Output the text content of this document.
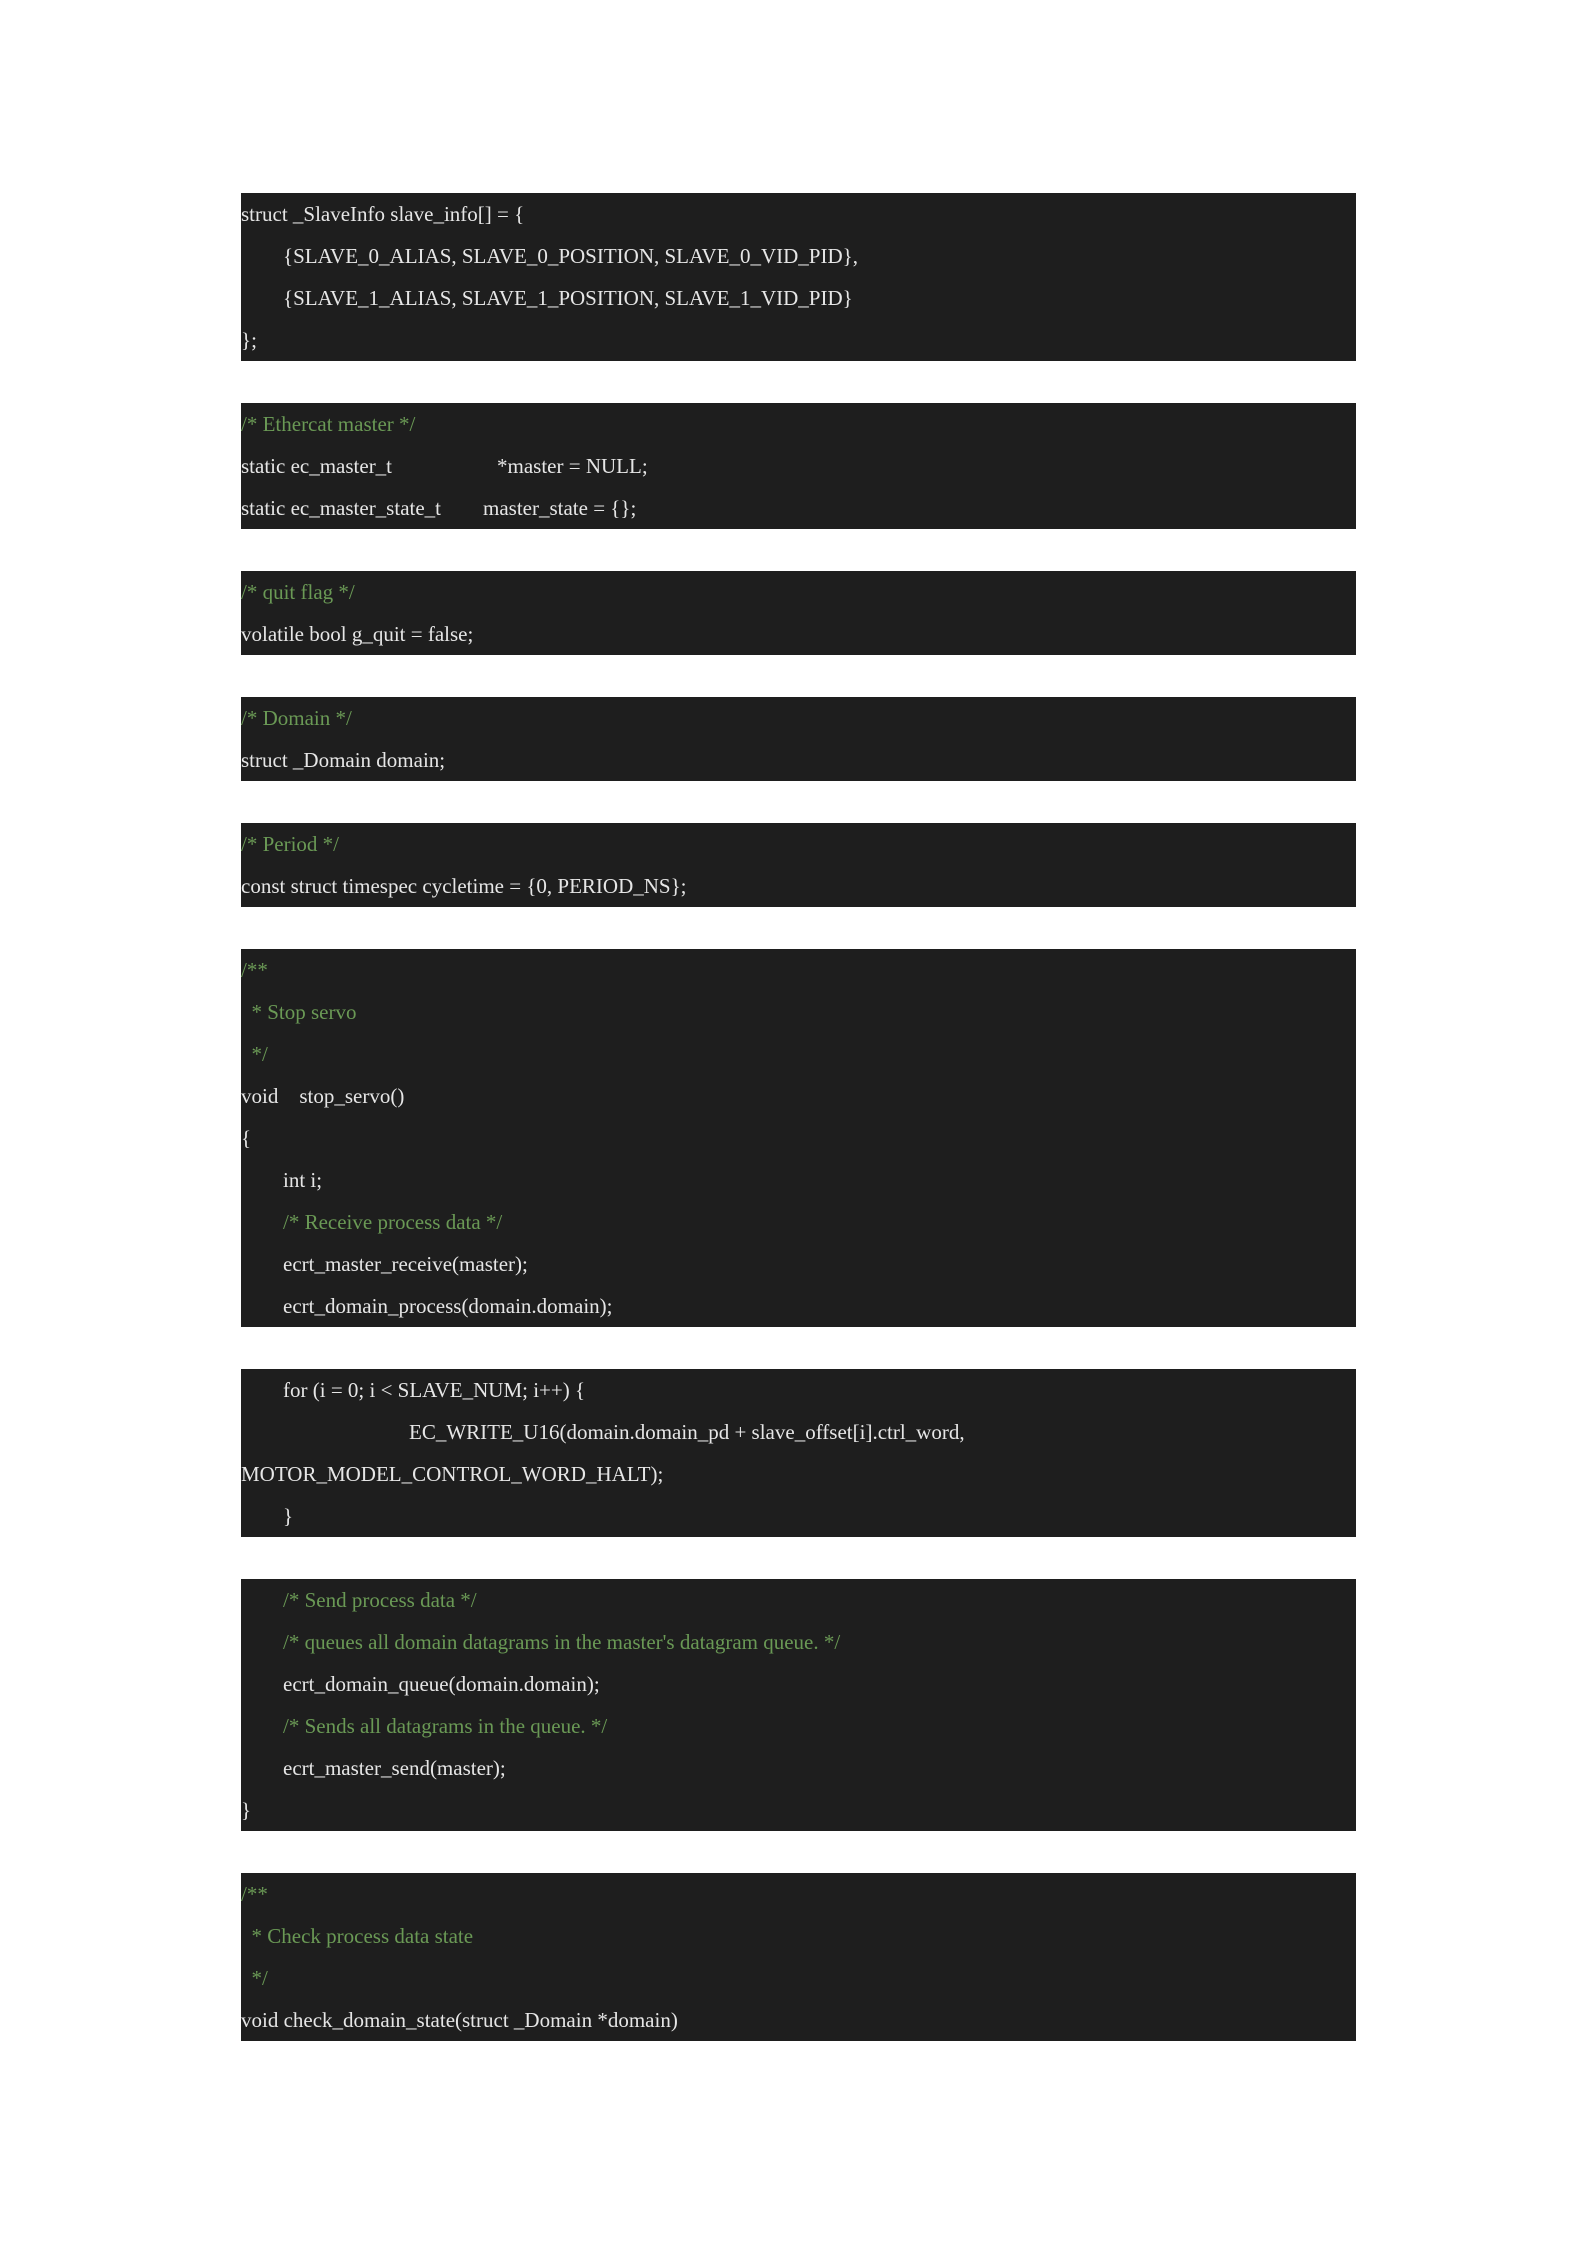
struct _SlaveInfo slave_info[] = {
{SLAVE_0_ALIAS, SLAVE_0_POSITION, SLAVE_0_VID_PID},
{SLAVE_1_ALIAS, SLAVE_1_POSITION, SLAVE_1_VID_PID}
};
/* Ethercat master */
static ec_master_t                    *master = NULL;
static ec_master_state_t        master_state = {};
/* quit flag */
volatile bool g_quit = false;
/* Domain */
struct _Domain domain;
/* Period */
const struct timespec cycletime = {0, PERIOD_NS};
/**
* Stop servo
*/
void    stop_servo()
{
int i;
/* Receive process data */
ecrt_master_receive(master);
ecrt_domain_process(domain.domain);
for (i = 0; i < SLAVE_NUM; i++) {
EC_WRITE_U16(domain.domain_pd + slave_offset[i].ctrl_word,
MOTOR_MODEL_CONTROL_WORD_HALT);
}
/* Send process data */
/* queues all domain datagrams in the master's datagram queue. */
ecrt_domain_queue(domain.domain);
/* Sends all datagrams in the queue. */
ecrt_master_send(master);
}
/**
* Check process data state
*/
void check_domain_state(struct _Domain *domain)
